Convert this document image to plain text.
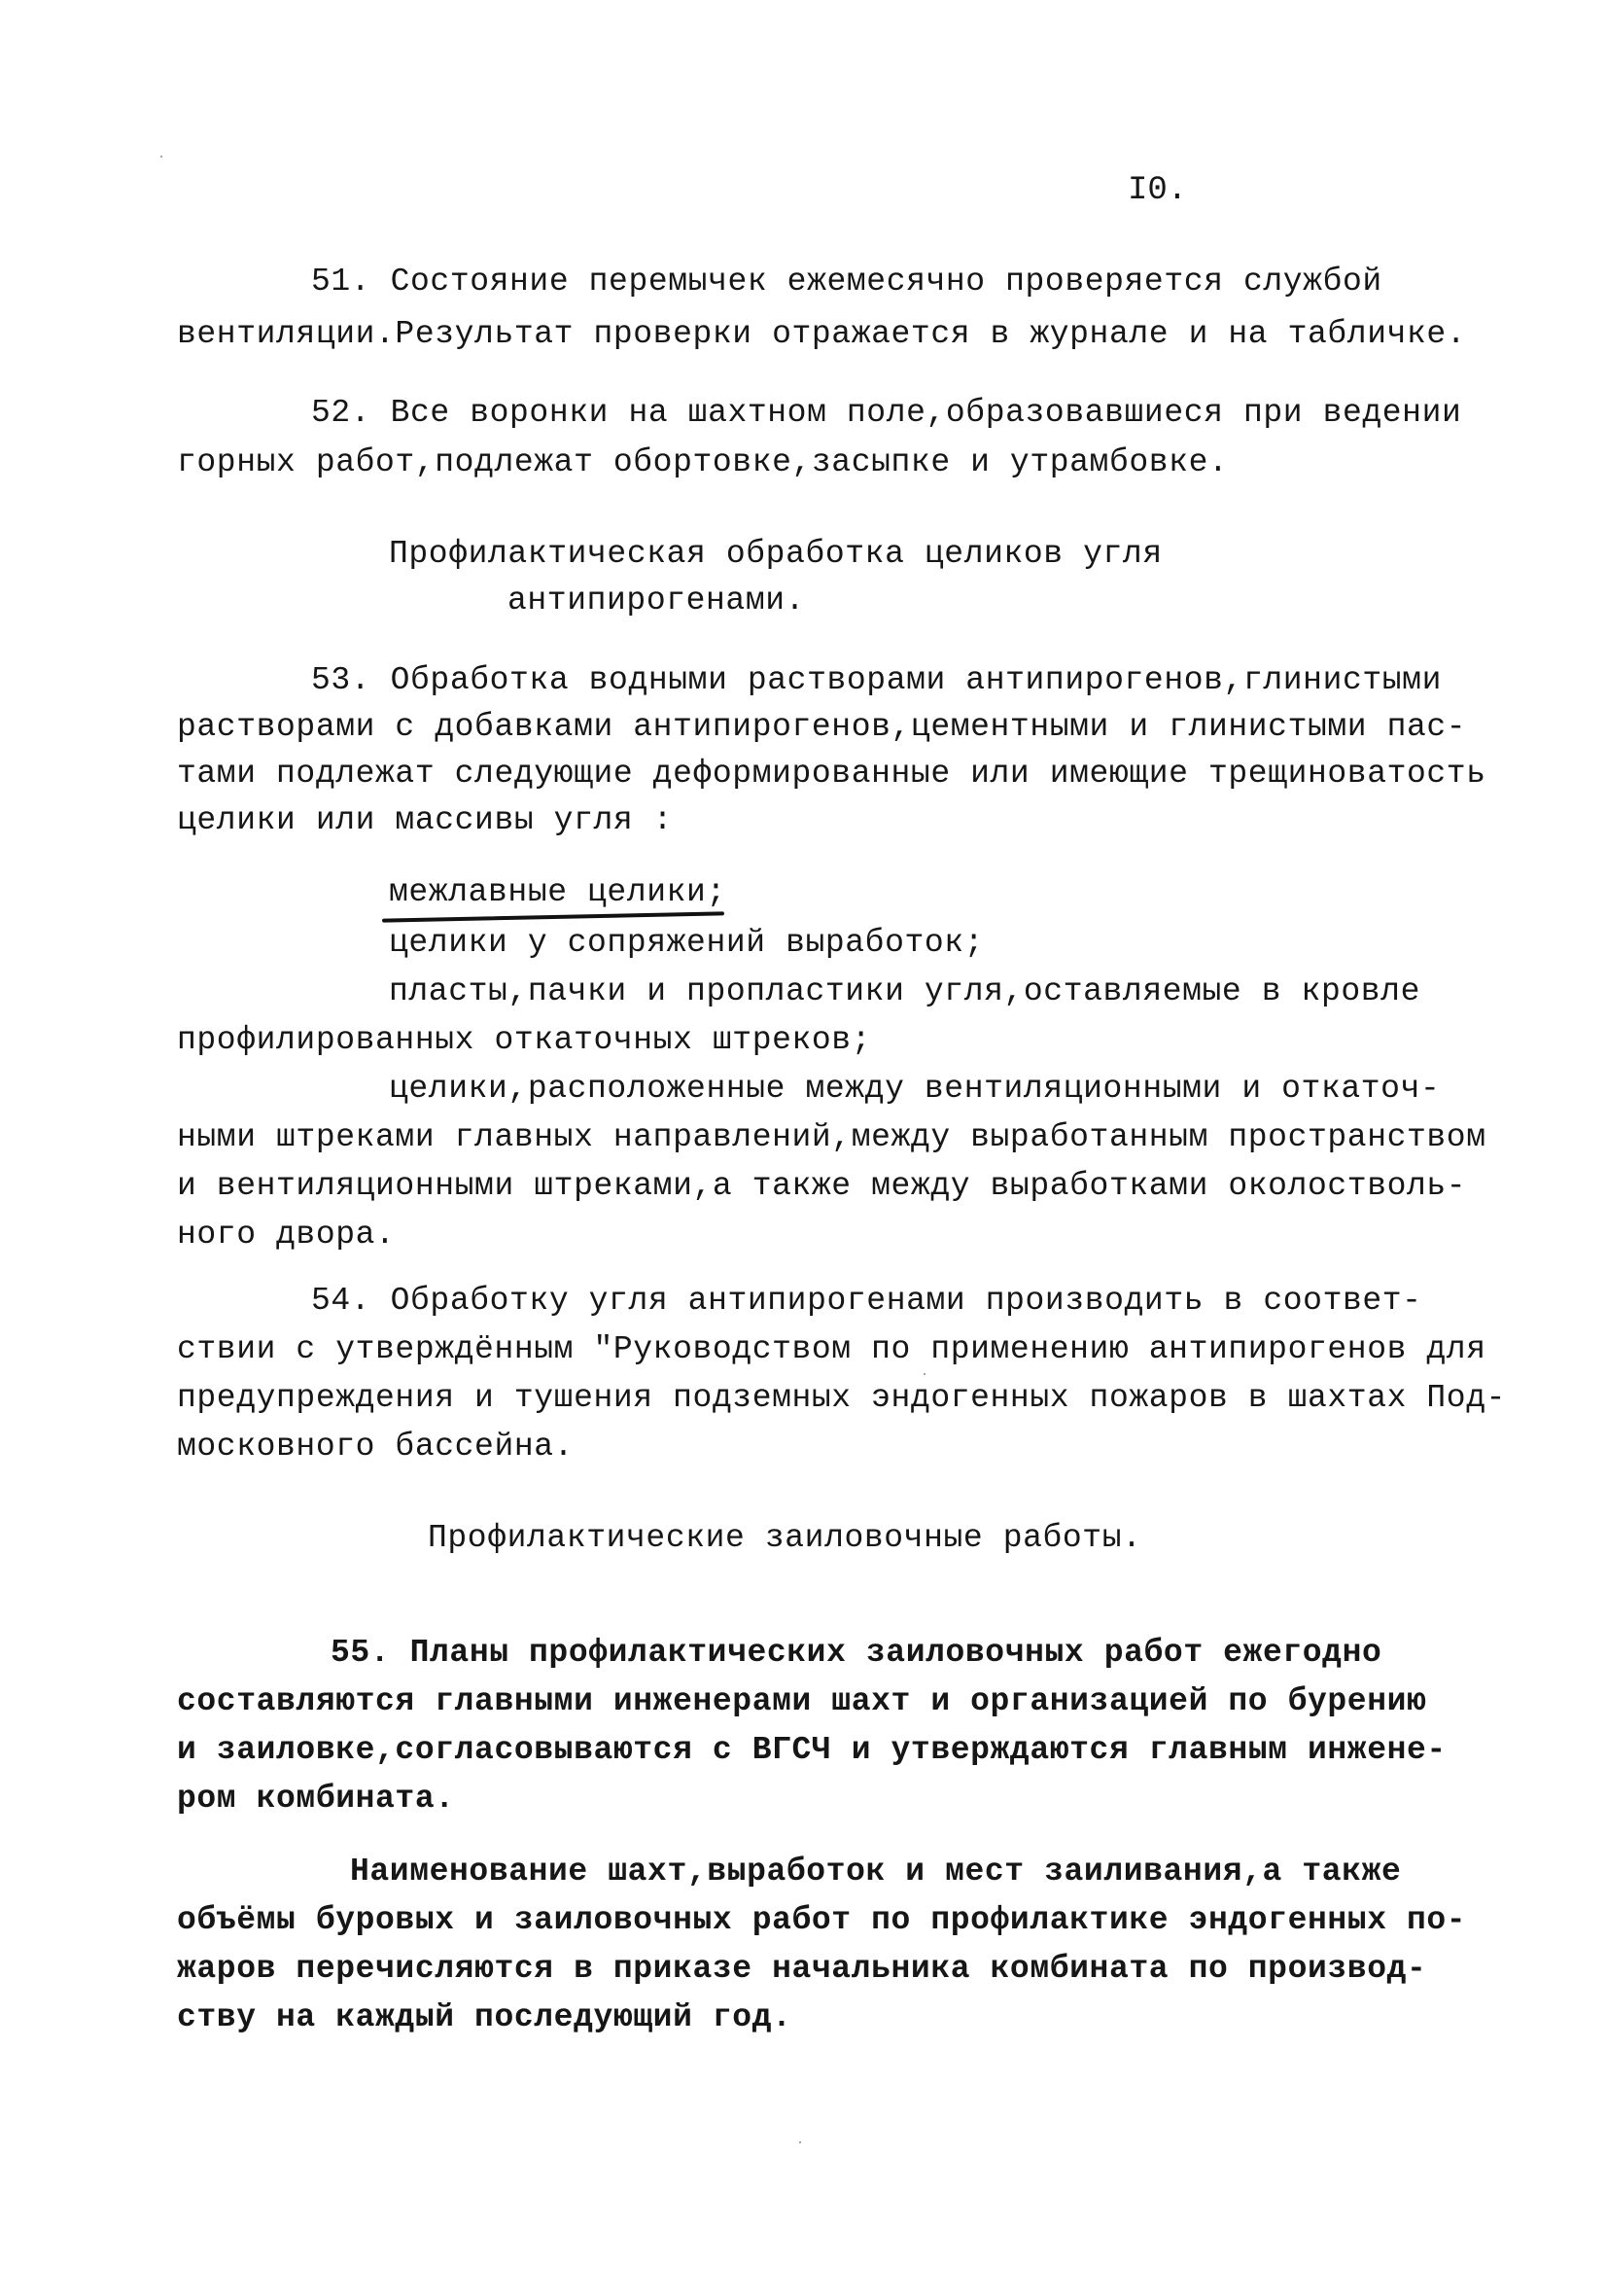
I0.
51. Состояние перемычек ежемесячно проверяется службой
вентиляции.Результат проверки отражается в журнале и на табличке.
52. Все воронки на шахтном поле,образовавшиеся при ведении
горных работ,подлежат обортовке,засыпке и утрамбовке.
Профилактическая обработка целиков угля
антипирогенами.
53. Обработка водными растворами антипирогенов,глинистыми
растворами с добавками антипирогенов,цементными и глинистыми пас-
тами подлежат следующие деформированные или имеющие трещиноватость
целики или массивы угля :
межлавные целики;
целики у сопряжений выработок;
пласты,пачки и пропластики угля,оставляемые в кровле
профилированных откаточных штреков;
целики,расположенные между вентиляционными и откаточ-
ными штреками главных направлений,между выработанным пространством
и вентиляционными штреками,а также между выработками околостволь-
ного двора.
54. Обработку угля антипирогенами производить в соответ-
ствии с утверждённым "Руководством по применению антипирогенов для
предупреждения и тушения подземных эндогенных пожаров в шахтах Под-
московного бассейна.
Профилактические заиловочные работы.
55. Планы профилактических заиловочных работ ежегодно
составляются главными инженерами шахт и организацией по бурению
и заиловке,согласовываются с ВГСЧ и утверждаются главным инжене-
ром комбината.
Наименование шахт,выработок и мест заиливания,а также
объёмы буровых и заиловочных работ по профилактике эндогенных по-
жаров перечисляются в приказе начальника комбината по производ-
ству на каждый последующий год.
